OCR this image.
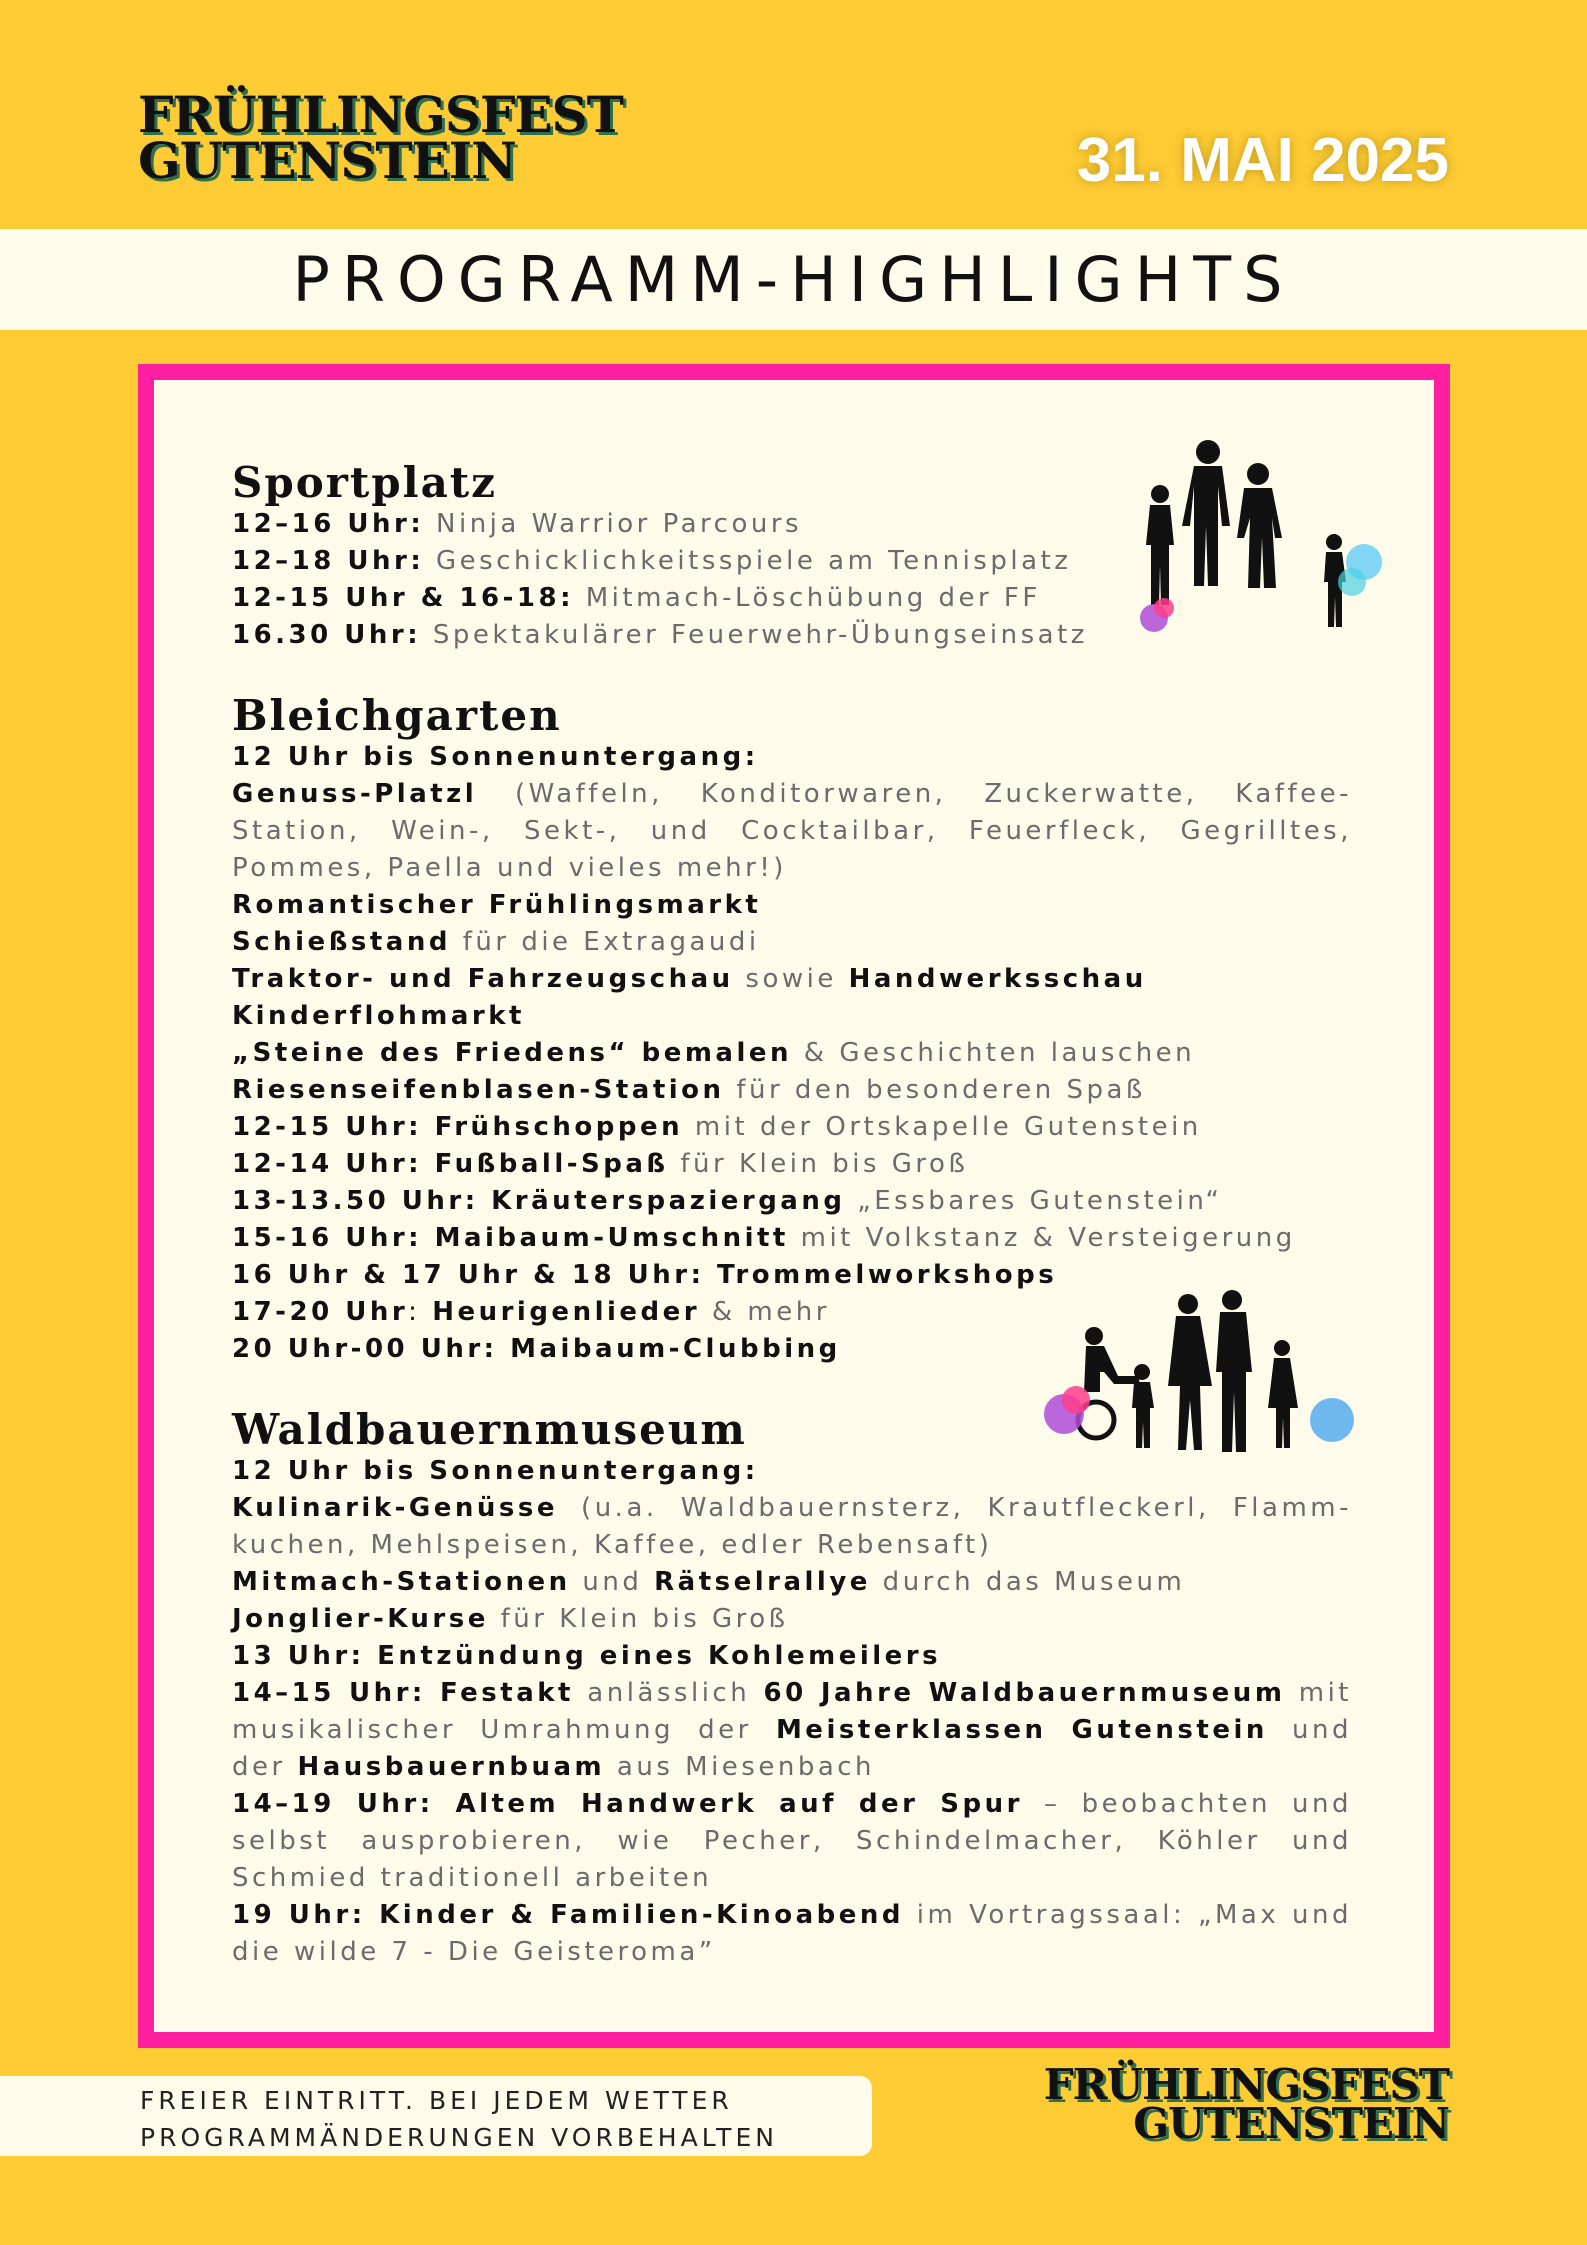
FRÜHLINGSFEST
GUTENSTEIN	31. MAI 2025
PROGRAMM-HIGHLIGHTS
Sportplatz
12–16 Uhr: Ninja Warrior Parcours
12–18 Uhr: Geschicklichkeitsspiele am Tennisplatz
12-15 Uhr & 16-18: Mitmach-Löschübung der FF
16.30 Uhr: Spektakulärer Feuerwehr-Übungseinsatz
Bleichgarten
12 Uhr bis Sonnenuntergang:
Genuss-Platzl (Waffeln, Konditorwaren, Zuckerwatte, Kaffee-Station, Wein-, Sekt-, und Cocktailbar, Feuerfleck, Gegrilltes, Pommes, Paella und vieles mehr!)
Romantischer Frühlingsmarkt
Schießstand für die Extragaudi
Traktor- und Fahrzeugschau sowie Handwerksschau
Kinderflohmarkt
„Steine des Friedens“ bemalen & Geschichten lauschen
Riesenseifenblasen-Station für den besonderen Spaß
12-15 Uhr: Frühschoppen mit der Ortskapelle Gutenstein
12-14 Uhr: Fußball-Spaß für Klein bis Groß
13-13.50 Uhr: Kräuterspaziergang „Essbares Gutenstein“
15-16 Uhr: Maibaum-Umschnitt mit Volkstanz & Versteigerung
16 Uhr & 17 Uhr & 18 Uhr: Trommelworkshops
17-20 Uhr: Heurigenlieder & mehr
20 Uhr-00 Uhr: Maibaum-Clubbing
Waldbauernmuseum
12 Uhr bis Sonnenuntergang:
Kulinarik-Genüsse (u.a. Waldbauernsterz, Krautfleckerl, Flamm-kuchen, Mehlspeisen, Kaffee, edler Rebensaft)
Mitmach-Stationen und Rätselrallye durch das Museum
Jonglier-Kurse für Klein bis Groß
13 Uhr: Entzündung eines Kohlemeilers
14–15 Uhr: Festakt anlässlich 60 Jahre Waldbauernmuseum mit musikalischer Umrahmung der Meisterklassen Gutenstein und der Hausbauernbuam aus Miesenbach
14–19 Uhr: Altem Handwerk auf der Spur – beobachten und selbst ausprobieren, wie Pecher, Schindelmacher, Köhler und Schmied traditionell arbeiten
19 Uhr: Kinder & Familien-Kinoabend im Vortragssaal: „Max und die wilde 7 - Die Geisteroma”
FREIER EINTRITT. BEI JEDEM WETTER
PROGRAMMÄNDERUNGEN VORBEHALTEN
FRÜHLINGSFEST
GUTENSTEIN
